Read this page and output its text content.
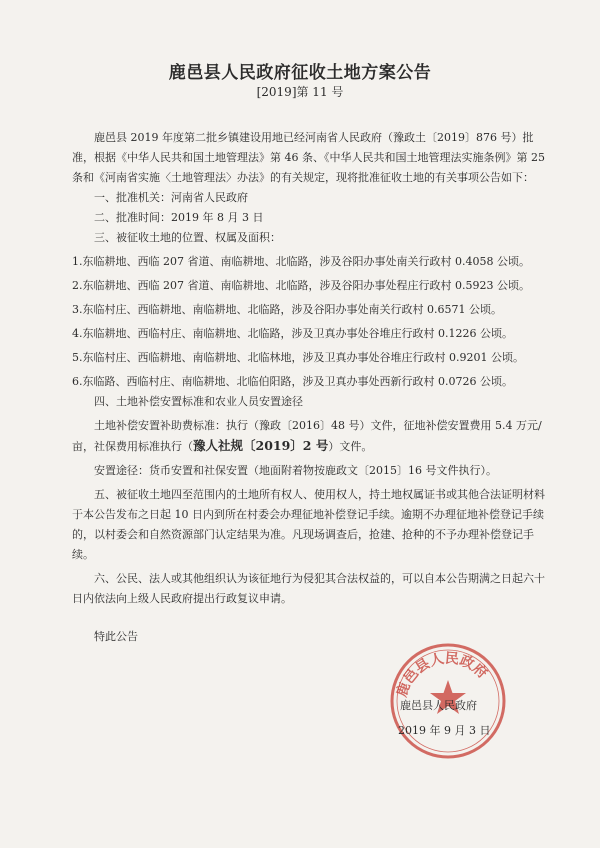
鹿邑县人民政府征收土地方案公告
[2019]第 11 号

鹿邑县 2019 年度第二批乡镇建设用地已经河南省人民政府（豫政土〔2019〕876 号）批准，根据《中华人民共和国土地管理法》第 46 条、《中华人民共和国土地管理法实施条例》第 25 条和《河南省实施〈土地管理法〉办法》的有关规定，现将批准征收土地的有关事项公告如下：

一、批准机关：河南省人民政府

二、批准时间：2019 年 8 月 3 日

三、被征收土地的位置、权属及面积：

1.东临耕地、西临 207 省道、南临耕地、北临路，涉及谷阳办事处南关行政村 0.4058 公顷。

2.东临耕地、西临 207 省道、南临耕地、北临路，涉及谷阳办事处程庄行政村 0.5923 公顷。

3.东临村庄、西临耕地、南临耕地、北临路，涉及谷阳办事处南关行政村 0.6571 公顷。

4.东临耕地、西临村庄、南临耕地、北临路，涉及卫真办事处谷堆庄行政村 0.1226 公顷。

5.东临村庄、西临耕地、南临耕地、北临林地，涉及卫真办事处谷堆庄行政村 0.9201 公顷。

6.东临路、西临村庄、南临耕地、北临伯阳路，涉及卫真办事处西新行政村 0.0726 公顷。

四、土地补偿安置标准和农业人员安置途径

土地补偿安置补助费标准：执行（豫政〔2016〕48 号）文件，征地补偿安置费用 5.4 万元/

亩，社保费用标准执行（豫人社规〔2019〕2 号）文件。

安置途径：货币安置和社保安置（地面附着物按鹿政文〔2015〕16 号文件执行）。

五、被征收土地四至范围内的土地所有权人、使用权人，持土地权属证书或其他合法证明材料于本公告发布之日起 10 日内到所在村委会办理征地补偿登记手续。逾期不办理征地补偿登记手续的，以村委会和自然资源部门认定结果为准。凡现场调查后，抢建、抢种的不予办理补偿登记手续。

六、公民、法人或其他组织认为该征地行为侵犯其合法权益的，可以自本公告期满之日起六十日内依法向上级人民政府提出行政复议申请。

特此公告
鹿邑县人民政府
鹿邑县人民政府
2019 年 9 月 3 日
